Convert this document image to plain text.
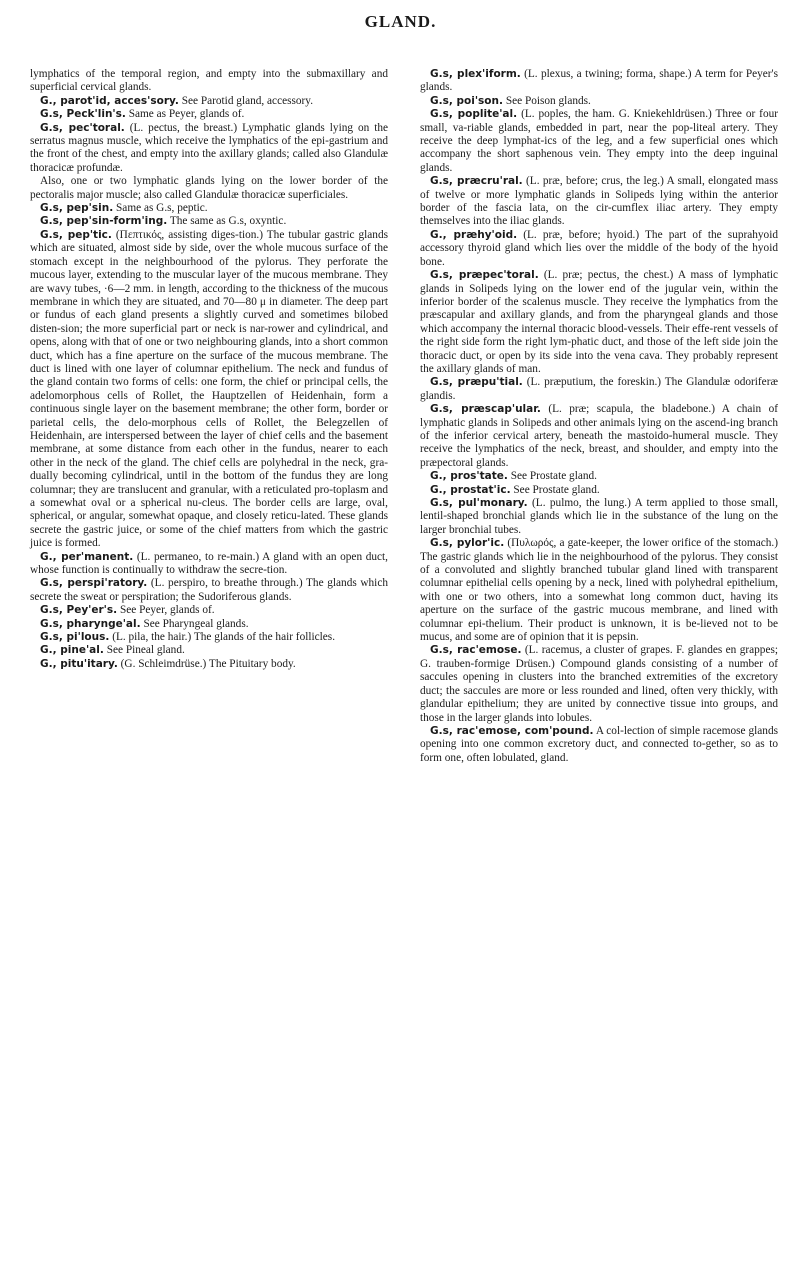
GLAND.

lymphatics of the temporal region, and empty into the submaxillary and superficial cervical glands.

G., parot'id, acces'sory. See Parotid gland, accessory.

G.s, Peck'lin's. Same as Peyer, glands of.

G.s, pec'toral. (L. pectus, the breast.) Lymphatic glands lying on the serratus magnus muscle, which receive the lymphatics of the epi-gastrium and the front of the chest, and empty into the axillary glands; called also Glandulæ thoracicæ profundæ.

Also, one or two lymphatic glands lying on the lower border of the pectoralis major muscle; also called Glandulæ thoracicæ superficiales.

G.s, pep'sin. Same as G.s, peptic.

G.s, pep'sin-form'ing. The same as G.s, oxyntic.

G.s, pep'tic. (Πεπτικός, assisting diges-tion.) The tubular gastric glands which are situated, almost side by side, over the whole mucous surface of the stomach except in the neighbourhood of the pylorus. They perforate the mucous layer, extending to the muscular layer of the mucous membrane. They are wavy tubes, ·6—2 mm. in length, according to the thickness of the mucous membrane in which they are situated, and 70—80 μ in diameter. The deep part or fundus of each gland presents a slightly curved and sometimes bilobed disten-sion; the more superficial part or neck is nar-rower and cylindrical, and opens, along with that of one or two neighbouring glands, into a short common duct, which has a fine aperture on the surface of the mucous membrane. The duct is lined with one layer of columnar epithelium. The neck and fundus of the gland contain two forms of cells: one form, the chief or principal cells, the adelomorphous cells of Rollet, the Hauptzellen of Heidenhain, form a continuous single layer on the basement membrane; the other form, border or parietal cells, the delo-morphous cells of Rollet, the Belegzellen of Heidenhain, are interspersed between the layer of chief cells and the basement membrane, at some distance from each other in the fundus, nearer to each other in the neck of the gland. The chief cells are polyhedral in the neck, gra-dually becoming cylindrical, until in the bottom of the fundus they are long columnar; they are translucent and granular, with a reticulated pro-toplasm and a somewhat oval or a spherical nu-cleus. The border cells are large, oval, spherical, or angular, somewhat opaque, and closely reticu-lated. These glands secrete the gastric juice, or some of the chief matters from which the gastric juice is formed.

G., per'manent. (L. permaneo, to re-main.) A gland with an open duct, whose function is continually to withdraw the secre-tion.

G.s, perspi'ratory. (L. perspiro, to breathe through.) The glands which secrete the sweat or perspiration; the Sudoriferous glands.

G.s, Pey'er's. See Peyer, glands of.

G.s, pharynge'al. See Pharyngeal glands.

G.s, pi'lous. (L. pila, the hair.) The glands of the hair follicles.

G., pine'al. See Pineal gland.

G., pitu'itary. (G. Schleimdrüse.) The Pituitary body.

G.s, plex'iform. (L. plexus, a twining; forma, shape.) A term for Peyer's glands.

G.s, poi'son. See Poison glands.

G.s, poplite'al. (L. poples, the ham. G. Kniekehldrüsen.) Three or four small, va-riable glands, embedded in part, near the pop-liteal artery. They receive the deep lymphat-ics of the leg, and a few superficial ones which accompany the short saphenous vein. They empty into the deep inguinal glands.

G.s, præcru'ral. (L. præ, before; crus, the leg.) A small, elongated mass of twelve or more lymphatic glands in Solipeds lying within the anterior border of the fascia lata, on the cir-cumflex iliac artery. They empty themselves into the iliac glands.

G., præhy'oid. (L. præ, before; hyoid.) The part of the suprahyoid accessory thyroid gland which lies over the middle of the body of the hyoid bone.

G.s, præpec'toral. (L. præ; pectus, the chest.) A mass of lymphatic glands in Solipeds lying on the lower end of the jugular vein, within the inferior border of the scalenus muscle. They receive the lymphatics from the præscapular and axillary glands, and from the pharyngeal glands and those which accompany the internal thoracic blood-vessels. Their effe-rent vessels of the right side form the right lym-phatic duct, and those of the left side join the thoracic duct, or open by its side into the vena cava. They probably represent the axillary glands of man.

G.s, præpu'tial. (L. præputium, the foreskin.) The Glandulæ odoriferæ glandis.

G.s, præscap'ular. (L. præ; scapula, the bladebone.) A chain of lymphatic glands in Solipeds and other animals lying on the ascend-ing branch of the inferior cervical artery, beneath the mastoido-humeral muscle. They receive the lymphatics of the neck, breast, and shoulder, and empty into the præpectoral glands.

G., pros'tate. See Prostate gland.

G., prostat'ic. See Prostate gland.

G.s, pul'monary. (L. pulmo, the lung.) A term applied to those small, lentil-shaped bronchial glands which lie in the substance of the lung on the larger bronchial tubes.

G.s, pylor'ic. (Πυλωρός, a gate-keeper, the lower orifice of the stomach.) The gastric glands which lie in the neighbourhood of the pylorus. They consist of a convoluted and slightly branched tubular gland lined with transparent columnar epithelial cells opening by a neck, lined with polyhedral epithelium, with one or two others, into a somewhat long common duct, having its aperture on the surface of the gastric mucous membrane, and lined with columnar epi-thelium. Their product is unknown, it is be-lieved not to be mucus, and some are of opinion that it is pepsin.

G.s, rac'emose. (L. racemus, a cluster of grapes. F. glandes en grappes; G. trauben-formige Drüsen.) Compound glands consisting of a number of saccules opening in clusters into the branched extremities of the excretory duct; the saccules are more or less rounded and lined, often very thickly, with glandular epithelium; they are united by connective tissue into groups, and those in the larger glands into lobules.

G.s, rac'emose, com'pound. A col-lection of simple racemose glands opening into one common excretory duct, and connected to-gether, so as to form one, often lobulated, gland.
